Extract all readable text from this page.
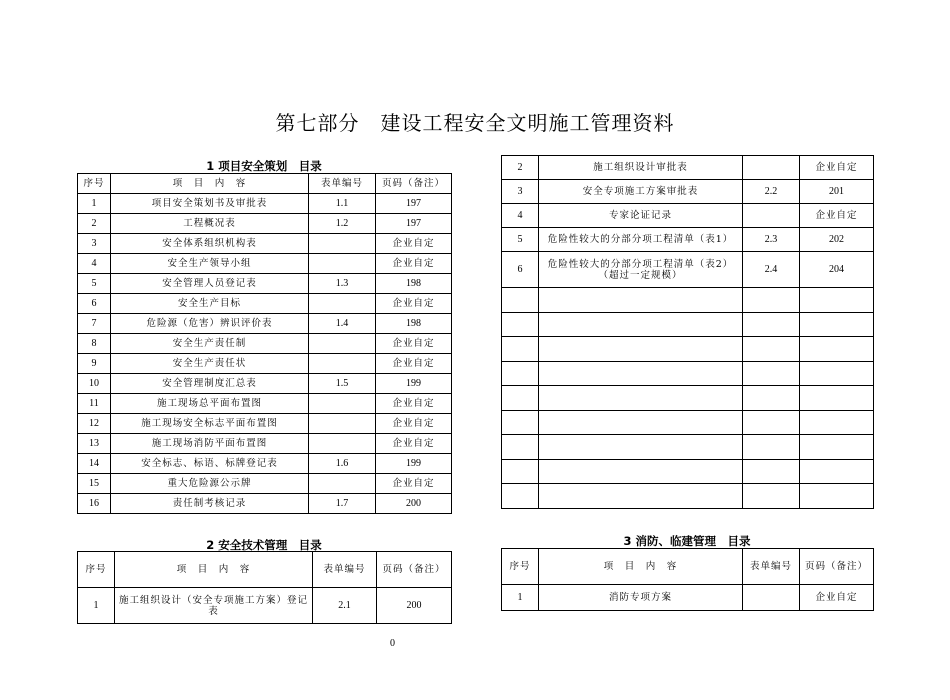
第七部分　建设工程安全文明施工管理资料
1 项目安全策划　目录
序号	项　目　内　容	表单编号	页码（备注）
1	项目安全策划书及审批表	1.1	197
2	工程概况表	1.2	197
3	安全体系组织机构表		企业自定
4	安全生产领导小组		企业自定
5	安全管理人员登记表	1.3	198
6	安全生产目标		企业自定
7	危险源（危害）辨识评价表	1.4	198
8	安全生产责任制		企业自定
9	安全生产责任状		企业自定
10	安全管理制度汇总表	1.5	199
11	施工现场总平面布置图		企业自定
12	施工现场安全标志平面布置图		企业自定
13	施工现场消防平面布置图		企业自定
14	安全标志、标语、标牌登记表	1.6	199
15	重大危险源公示牌		企业自定
16	责任制考核记录	1.7	200
2 安全技术管理　目录
序号	项　目　内　容	表单编号	页码（备注）
1	施工组织设计（安全专项施工方案）登记表	2.1	200
2	施工组织设计审批表		企业自定
3	安全专项施工方案审批表	2.2	201
4	专家论证记录		企业自定
5	危险性较大的分部分项工程清单（表1）	2.3	202
6	危险性较大的分部分项工程清单（表2）（超过一定规模）	2.4	204

3 消防、临建管理　目录
序号	项　目　内　容	表单编号	页码（备注）
1	消防专项方案		企业自定
0
